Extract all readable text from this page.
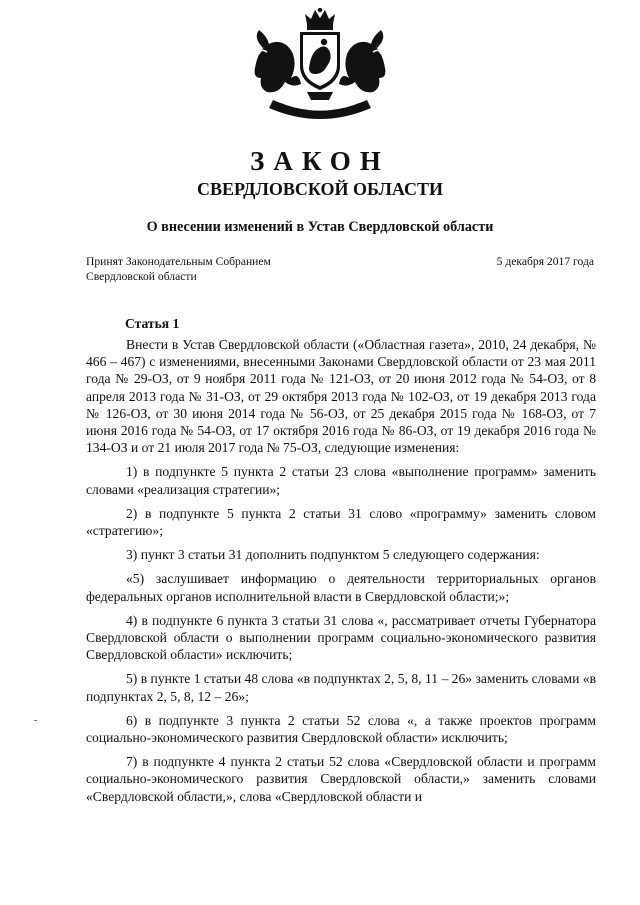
ЗАКОН
СВЕРДЛОВСКОЙ ОБЛАСТИ
О внесении изменений в Устав Свердловской области
Принят Законодательным Собранием Свердловской области
5 декабря 2017 года
Статья 1

Внести в Устав Свердловской области («Областная газета», 2010, 24 декабря, № 466 – 467) с изменениями, внесенными Законами Свердловской области от 23 мая 2011 года № 29-ОЗ, от 9 ноября 2011 года № 121-ОЗ, от 20 июня 2012 года № 54-ОЗ, от 8 апреля 2013 года № 31-ОЗ, от 29 октября 2013 года № 102-ОЗ, от 19 декабря 2013 года № 126-ОЗ, от 30 июня 2014 года № 56-ОЗ, от 25 декабря 2015 года № 168-ОЗ, от 7 июня 2016 года № 54-ОЗ, от 17 октября 2016 года № 86-ОЗ, от 19 декабря 2016 года № 134-ОЗ и от 21 июля 2017 года № 75-ОЗ, следующие изменения:

1) в подпункте 5 пункта 2 статьи 23 слова «выполнение программ» заменить словами «реализация стратегии»;

2) в подпункте 5 пункта 2 статьи 31 слово «программу» заменить словом «стратегию»;

3) пункт 3 статьи 31 дополнить подпунктом 5 следующего содержания:

«5) заслушивает информацию о деятельности территориальных органов федеральных органов исполнительной власти в Свердловской области;»;

4) в подпункте 6 пункта 3 статьи 31 слова «, рассматривает отчеты Губернатора Свердловской области о выполнении программ социально-экономического развития Свердловской области» исключить;

5) в пункте 1 статьи 48 слова «в подпунктах 2, 5, 8, 11 – 26» заменить словами «в подпунктах 2, 5, 8, 12 – 26»;

6) в подпункте 3 пункта 2 статьи 52 слова «, а также проектов программ социально-экономического развития Свердловской области» исключить;

7) в подпункте 4 пункта 2 статьи 52 слова «Свердловской области и программ социально-экономического развития Свердловской области,» заменить словами «Свердловской области,», слова «Свердловской области и
